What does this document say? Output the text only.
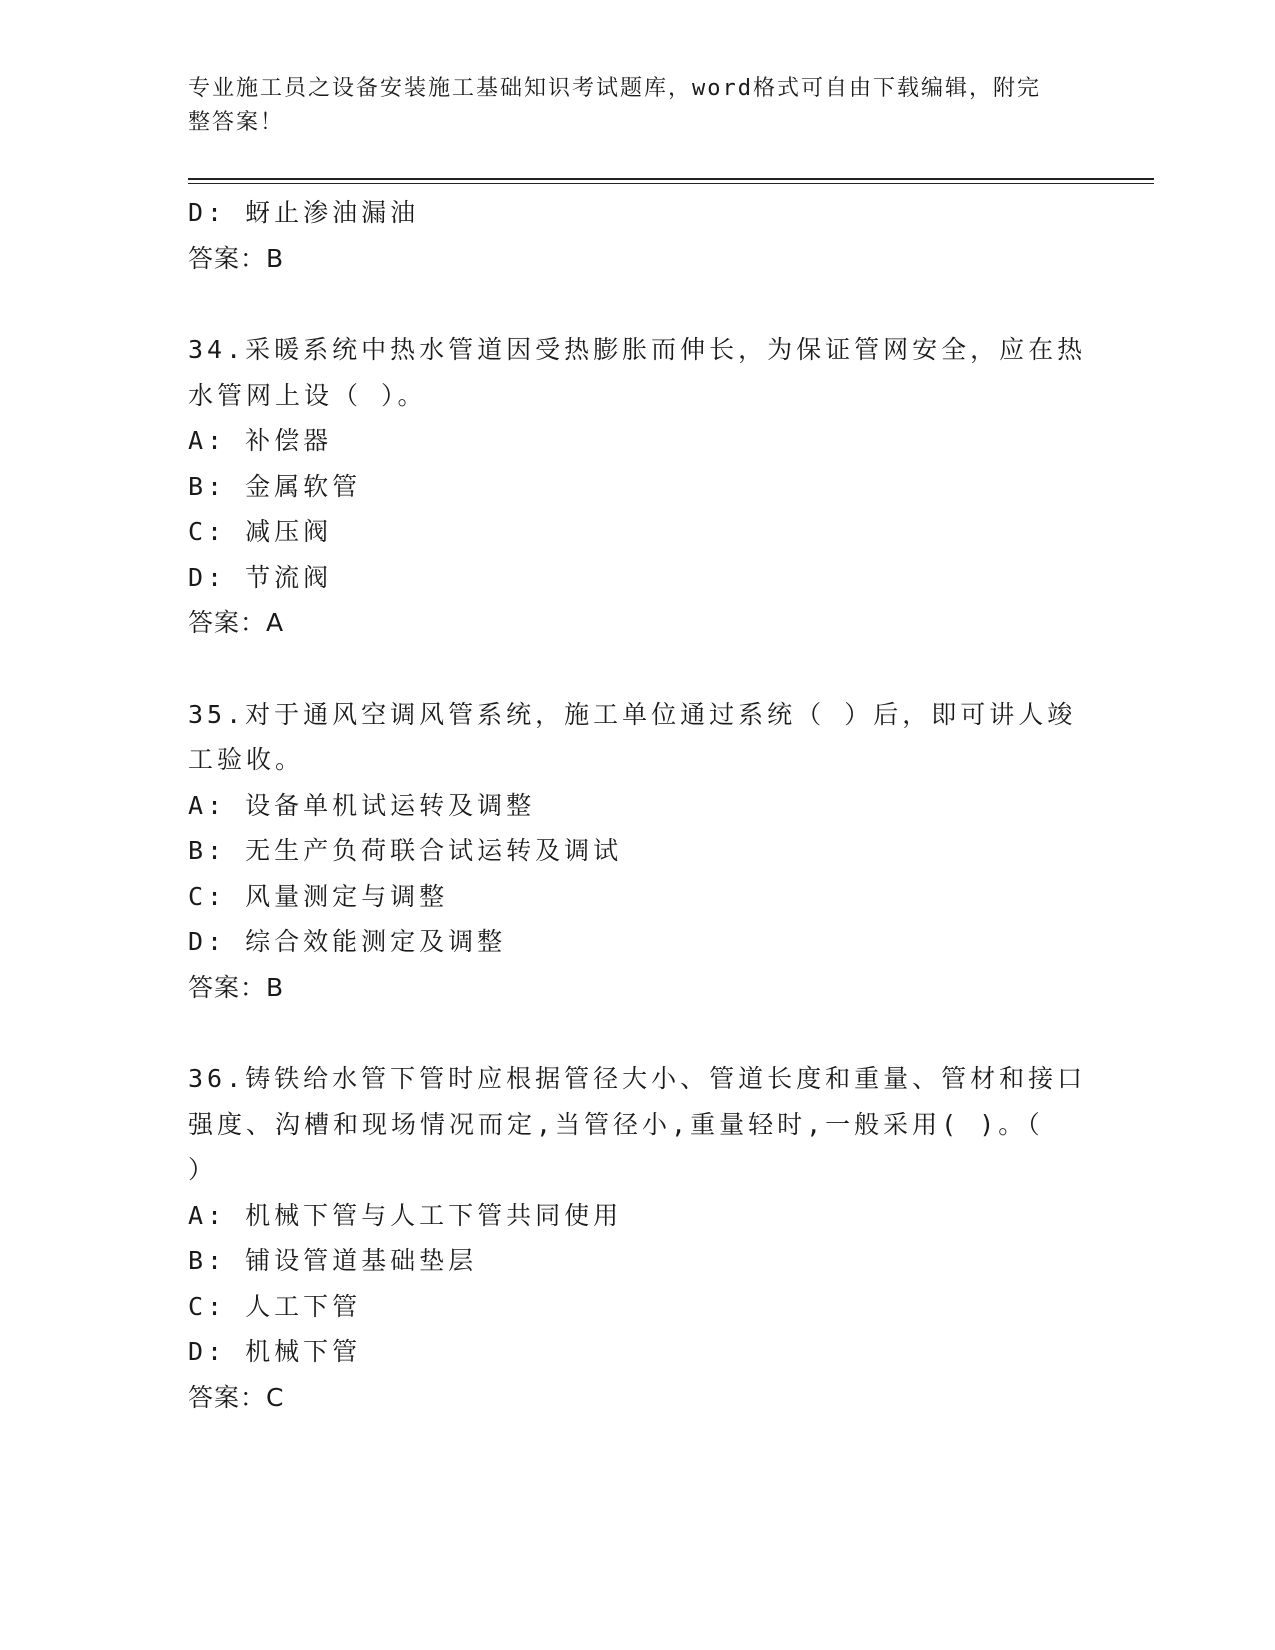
专业施工员之设备安装施工基础知识考试题库，word格式可自由下载编辑，附完
整答案！
D: 蚜止渗油漏油
答案：B
34.采暖系统中热水管道因受热膨胀而伸长，为保证管网安全，应在热
水管网上设（ ）。
A: 补偿器
B: 金属软管
C: 减压阀
D: 节流阀
答案：A
35.对于通风空调风管系统，施工单位通过系统（ ）后，即可讲人竣
工验收。
A: 设备单机试运转及调整
B: 无生产负荷联合试运转及调试
C: 风量测定与调整
D: 综合效能测定及调整
答案：B
36.铸铁给水管下管时应根据管径大小、管道长度和重量、管材和接口
强度、沟槽和现场情况而定,当管径小,重量轻时,一般采用( )。（
）
A: 机械下管与人工下管共同使用
B: 铺设管道基础垫层
C: 人工下管
D: 机械下管
答案：C
